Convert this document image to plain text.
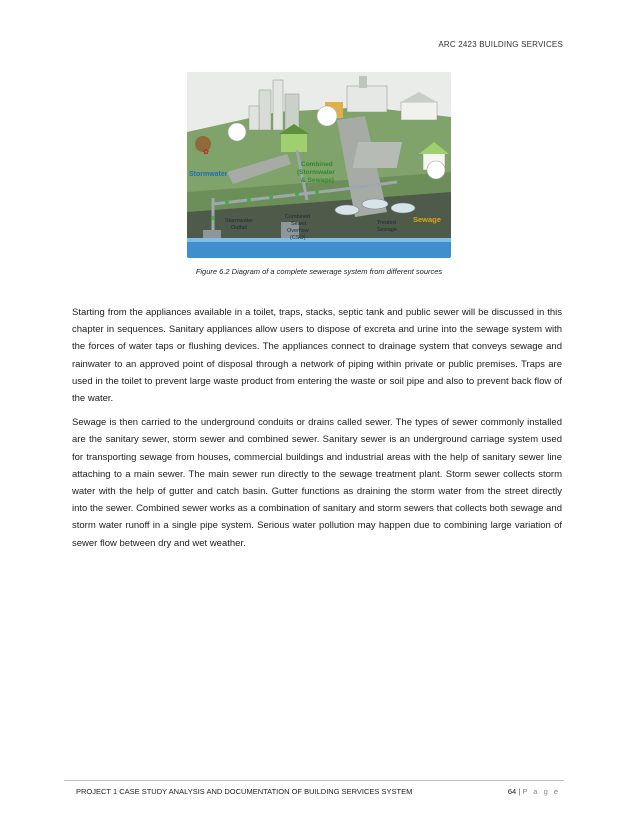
ARC 2423 BUILDING SERVICES
✿
Stormwater
Combined
(Stormwater
& Sewage)
Stormwater
Outfall
Combined
Sewer
Overflow
(CSO)
Treated
Sewage
Sewage
Figure 6.2 Diagram of a complete sewerage system from different sources

Starting from the appliances available in a toilet, traps, stacks, septic tank and public sewer will be discussed in this chapter in sequences. Sanitary appliances allow users to dispose of excreta and urine into the sewage system with the forces of water taps or flushing devices. The appliances connect to drainage system that conveys sewage and rainwater to an approved point of disposal through a network of piping within private or public premises. Traps are used in the toilet to prevent large waste product from entering the waste or soil pipe and also to prevent back flow of the water.

Sewage is then carried to the underground conduits or drains called sewer. The types of sewer commonly installed are the sanitary sewer, storm sewer and combined sewer. Sanitary sewer is an underground carriage system used for transporting sewage from houses, commercial buildings and industrial areas with the help of sanitary sewer line attaching to a main sewer. The main sewer run directly to the sewage treatment plant. Storm sewer collects storm water with the help of gutter and catch basin. Gutter functions as draining the storm water from the street directly into the sewer. Combined sewer works as a combination of sanitary and storm sewers that collects both sewage and storm water runoff in a single pipe system. Serious water pollution may happen due to combining large variation of sewer flow between dry and wet weather.

PROJECT 1 CASE STUDY ANALYSIS AND DOCUMENTATION OF BUILDING SERVICES SYSTEM	64 | P a g e
